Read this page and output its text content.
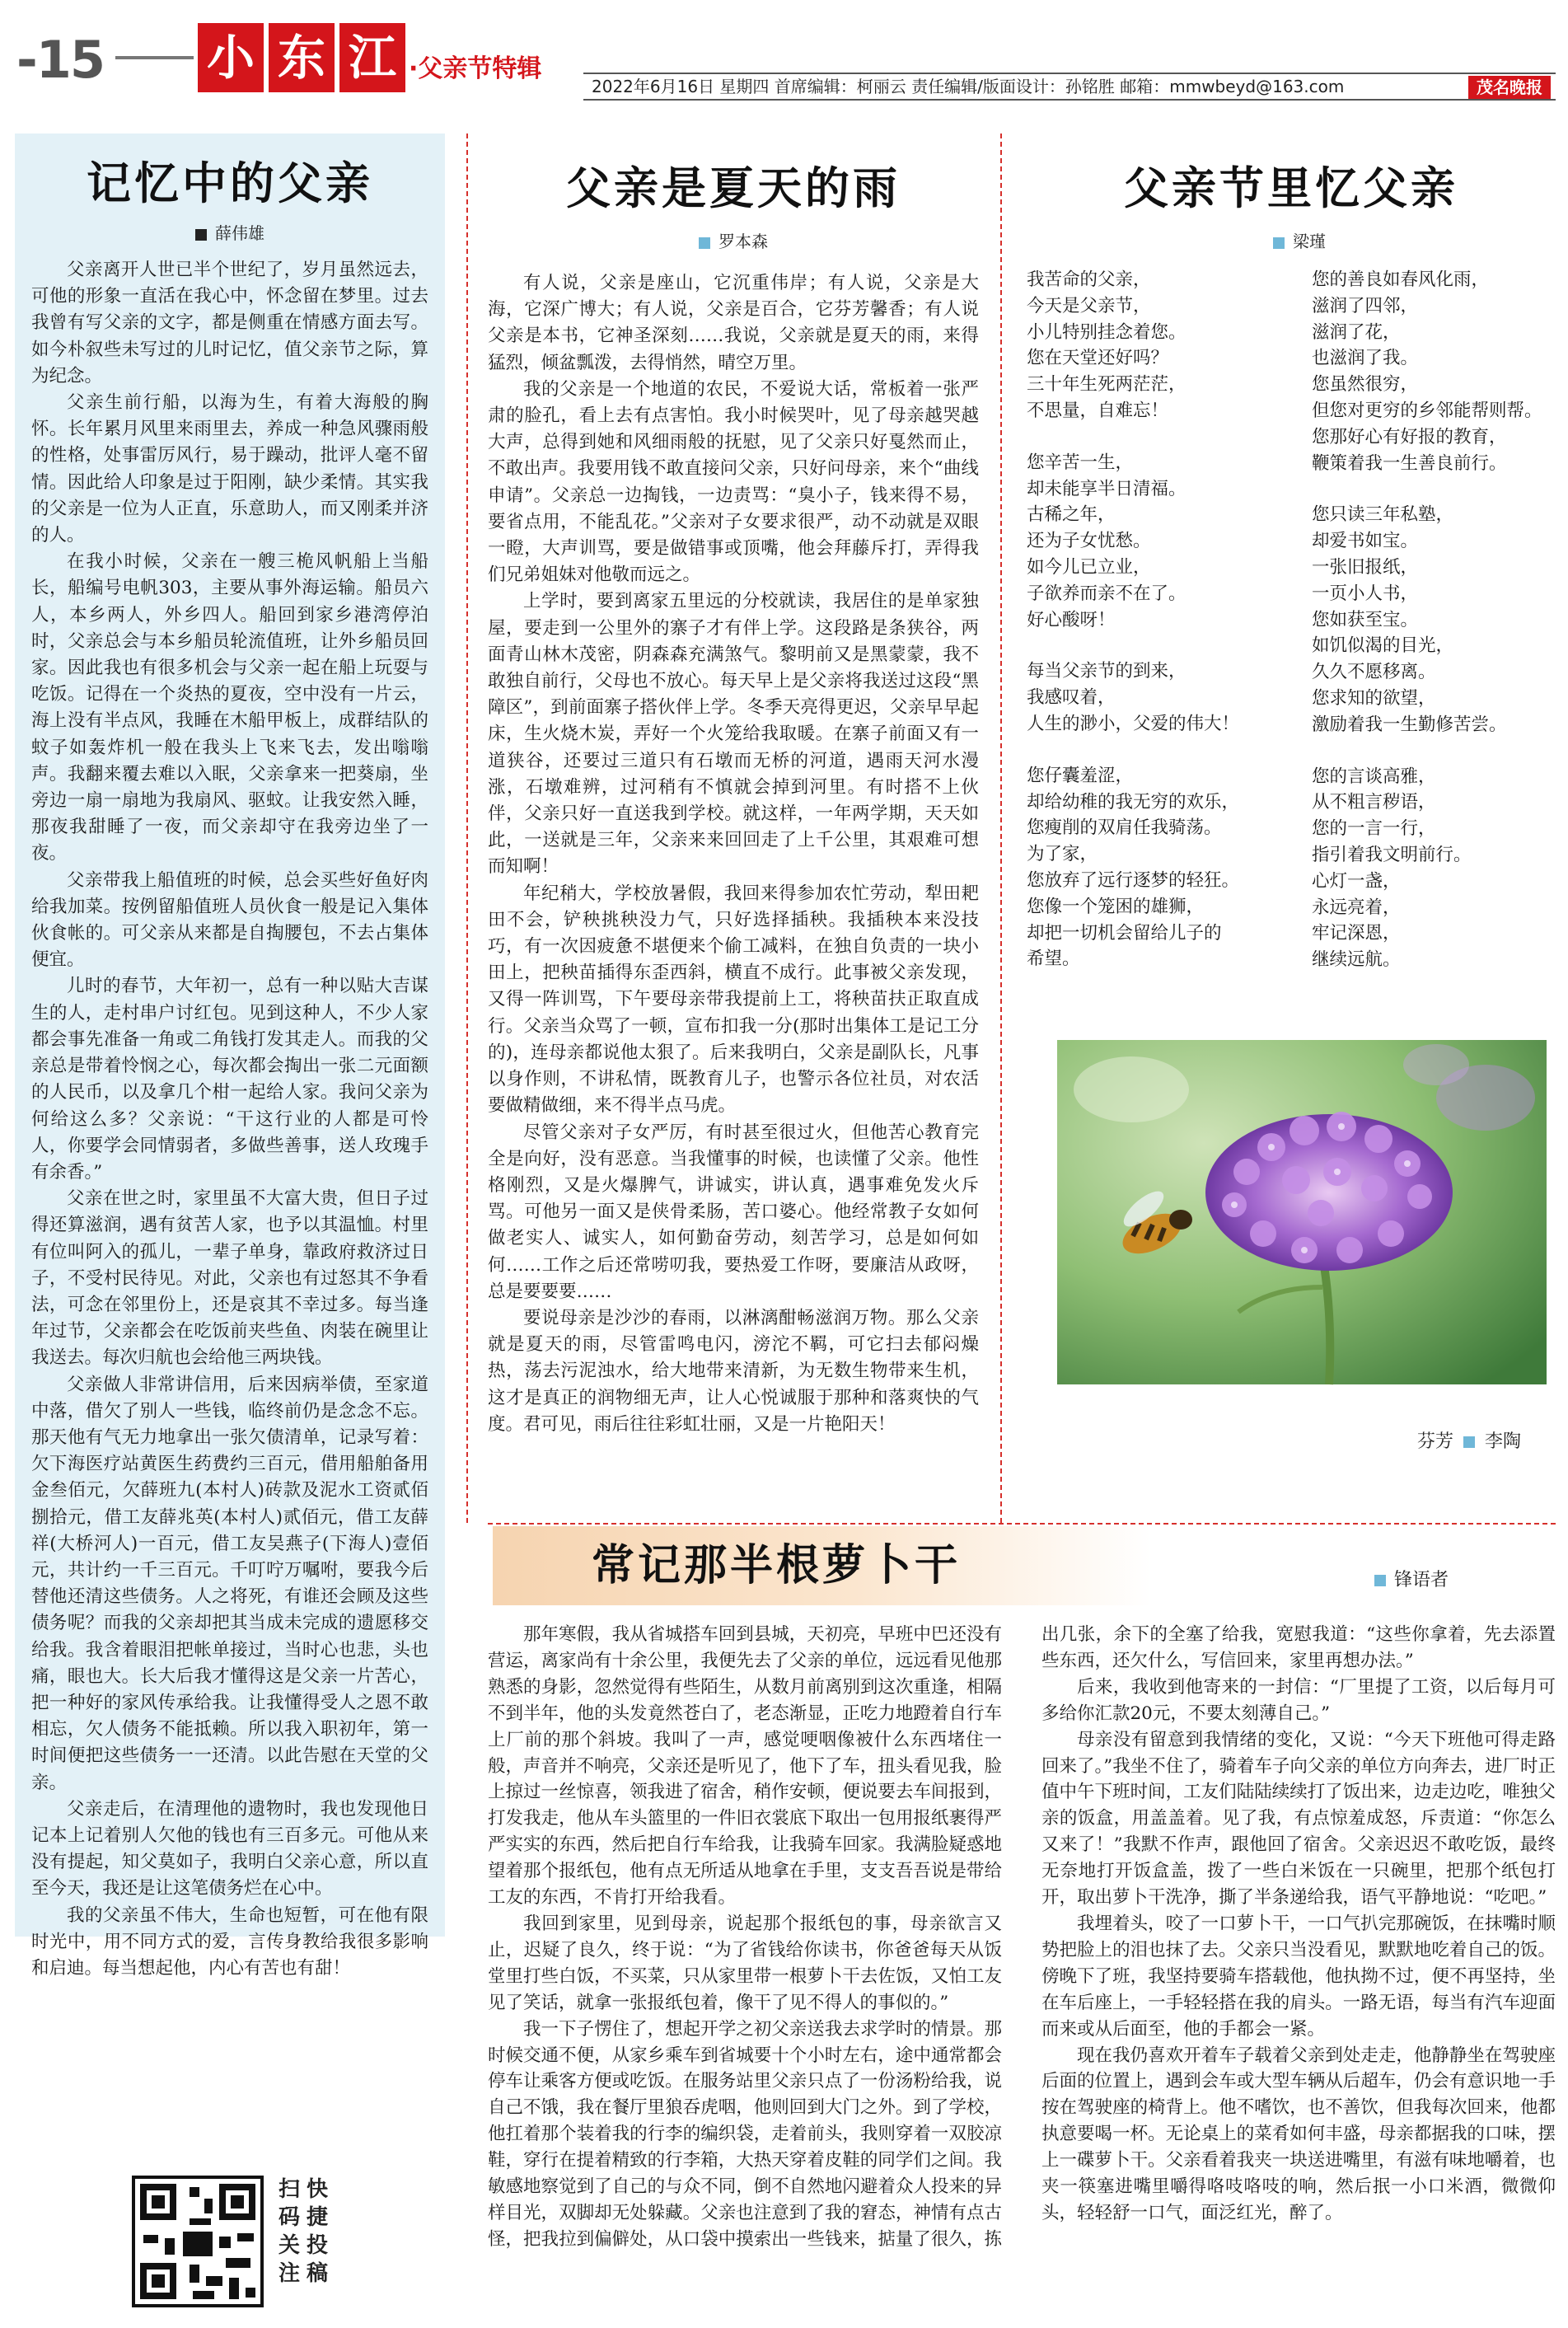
-15 小 东 江 ·父亲节特辑
2022年6月16日 星期四 首席编辑：柯丽云 责任编辑/版面设计：孙铭胜 邮箱：mmwbeyd@163.com	茂名晚报
记忆中的父亲
薛伟雄

父亲离开人世已半个世纪了，岁月虽然远去，可他的形象一直活在我心中，怀念留在梦里。过去我曾有写父亲的文字，都是侧重在情感方面去写。如今朴叙些未写过的儿时记忆，值父亲节之际，算为纪念。

父亲生前行船，以海为生，有着大海般的胸怀。长年累月风里来雨里去，养成一种急风骤雨般的性格，处事雷厉风行，易于躁动，批评人毫不留情。因此给人印象是过于阳刚，缺少柔情。其实我的父亲是一位为人正直，乐意助人，而又刚柔并济的人。

在我小时候，父亲在一艘三桅风帆船上当船长，船编号电帆303，主要从事外海运输。船员六人，本乡两人，外乡四人。船回到家乡港湾停泊时，父亲总会与本乡船员轮流值班，让外乡船员回家。因此我也有很多机会与父亲一起在船上玩耍与吃饭。记得在一个炎热的夏夜，空中没有一片云，海上没有半点风，我睡在木船甲板上，成群结队的蚊子如轰炸机一般在我头上飞来飞去，发出嗡嗡声。我翻来覆去难以入眠，父亲拿来一把葵扇，坐旁边一扇一扇地为我扇风、驱蚊。让我安然入睡，那夜我甜睡了一夜，而父亲却守在我旁边坐了一夜。

父亲带我上船值班的时候，总会买些好鱼好肉给我加菜。按例留船值班人员伙食一般是记入集体伙食帐的。可父亲从来都是自掏腰包，不去占集体便宜。

儿时的春节，大年初一，总有一种以贴大吉谋生的人，走村串户讨红包。见到这种人，不少人家都会事先准备一角或二角钱打发其走人。而我的父亲总是带着怜悯之心，每次都会掏出一张二元面额的人民币，以及拿几个柑一起给人家。我问父亲为何给这么多？父亲说：“干这行业的人都是可怜人，你要学会同情弱者，多做些善事，送人玫瑰手有余香。”

父亲在世之时，家里虽不大富大贵，但日子过得还算滋润，遇有贫苦人家，也予以其温恤。村里有位叫阿入的孤儿，一辈子单身，靠政府救济过日子，不受村民待见。对此，父亲也有过怒其不争看法，可念在邻里份上，还是哀其不幸过多。每当逢年过节，父亲都会在吃饭前夹些鱼、肉装在碗里让我送去。每次归航也会给他三两块钱。

父亲做人非常讲信用，后来因病举债，至家道中落，借欠了别人一些钱，临终前仍是念念不忘。那天他有气无力地拿出一张欠债清单，记录写着：欠下海医疗站黄医生药费约三百元，借用船舶备用金叁佰元，欠薛班九(本村人)砖款及泥水工资贰佰捌拾元，借工友薛兆英(本村人)贰佰元，借工友薛祥(大桥河人)一百元，借工友吴燕子(下海人)壹佰元，共计约一千三百元。千叮咛万嘱咐，要我今后替他还清这些债务。人之将死，有谁还会顾及这些债务呢？而我的父亲却把其当成未完成的遗愿移交给我。我含着眼泪把帐单接过，当时心也悲，头也痛，眼也大。长大后我才懂得这是父亲一片苦心，把一种好的家风传承给我。让我懂得受人之恩不敢相忘，欠人债务不能抵赖。所以我入职初年，第一时间便把这些债务一一还清。以此告慰在天堂的父亲。

父亲走后，在清理他的遗物时，我也发现他日记本上记着别人欠他的钱也有三百多元。可他从来没有提起，知父莫如子，我明白父亲心意，所以直至今天，我还是让这笔债务烂在心中。

我的父亲虽不伟大，生命也短暂，可在他有限时光中，用不同方式的爱，言传身教给我很多影响和启迪。每当想起他，内心有苦也有甜！

父亲是夏天的雨
罗本森

有人说，父亲是座山，它沉重伟岸；有人说，父亲是大海，它深广博大；有人说，父亲是百合，它芬芳馨香；有人说父亲是本书，它神圣深刻……我说，父亲就是夏天的雨，来得猛烈，倾盆瓢泼，去得悄然，晴空万里。

我的父亲是一个地道的农民，不爱说大话，常板着一张严肃的脸孔，看上去有点害怕。我小时候哭叶，见了母亲越哭越大声，总得到她和风细雨般的抚慰，见了父亲只好戛然而止，不敢出声。我要用钱不敢直接问父亲，只好问母亲，来个“曲线申请”。父亲总一边掏钱，一边责骂：“臭小子，钱来得不易，要省点用，不能乱花。”父亲对子女要求很严，动不动就是双眼一瞪，大声训骂，要是做错事或顶嘴，他会拜藤斥打，弄得我们兄弟姐妹对他敬而远之。

上学时，要到离家五里远的分校就读，我居住的是单家独屋，要走到一公里外的寨子才有伴上学。这段路是条狭谷，两面青山林木茂密，阴森森充满煞气。黎明前又是黑蒙蒙，我不敢独自前行，父母也不放心。每天早上是父亲将我送过这段“黑障区”，到前面寨子搭伙伴上学。冬季天亮得更迟，父亲早早起床，生火烧木炭，弄好一个火笼给我取暖。在寨子前面又有一道狭谷，还要过三道只有石墩而无桥的河道，遇雨天河水漫涨，石墩难辨，过河稍有不慎就会掉到河里。有时搭不上伙伴，父亲只好一直送我到学校。就这样，一年两学期，天天如此，一送就是三年，父亲来来回回走了上千公里，其艰难可想而知啊！

年纪稍大，学校放暑假，我回来得参加农忙劳动，犁田耙田不会，铲秧挑秧没力气，只好选择插秧。我插秧本来没技巧，有一次因疲惫不堪便来个偷工减料，在独自负责的一块小田上，把秧苗插得东歪西斜，横直不成行。此事被父亲发现，又得一阵训骂，下午要母亲带我提前上工，将秧苗扶正取直成行。父亲当众骂了一顿，宣布扣我一分(那时出集体工是记工分的)，连母亲都说他太狠了。后来我明白，父亲是副队长，凡事以身作则，不讲私情，既教育儿子，也警示各位社员，对农活要做精做细，来不得半点马虎。

尽管父亲对子女严厉，有时甚至很过火，但他苦心教育完全是向好，没有恶意。当我懂事的时候，也读懂了父亲。他性格刚烈，又是火爆脾气，讲诚实，讲认真，遇事难免发火斥骂。可他另一面又是侠骨柔肠，苦口婆心。他经常教子女如何做老实人、诚实人，如何勤奋劳动，刻苦学习，总是如何如何……工作之后还常唠叨我，要热爱工作呀，要廉洁从政呀，总是要要要……

要说母亲是沙沙的春雨，以淋漓酣畅滋润万物。那么父亲就是夏天的雨，尽管雷鸣电闪，滂沱不羁，可它扫去郁闷燥热，荡去污泥浊水，给大地带来清新，为无数生物带来生机，这才是真正的润物细无声，让人心悦诚服于那种和落爽快的气度。君可见，雨后往往彩虹壮丽，又是一片艳阳天！

父亲节里忆父亲
梁瑾
我苦命的父亲，
今天是父亲节，
小儿特别挂念着您。
您在天堂还好吗？
三十年生死两茫茫，
不思量，自难忘！
您辛苦一生，
却未能享半日清福。
古稀之年，
还为子女忧愁。
如今儿已立业，
子欲养而亲不在了。
好心酸呀！
每当父亲节的到来，
我感叹着，
人生的渺小，父爱的伟大！
您仔囊羞涩，
却给幼稚的我无穷的欢乐，
您瘦削的双肩任我骑荡。
为了家，
您放弃了远行逐梦的轻狂。
您像一个笼困的雄狮，
却把一切机会留给儿子的
希望。
您的善良如春风化雨，
滋润了四邻，
滋润了花，
也滋润了我。
您虽然很穷，
但您对更穷的乡邻能帮则帮。
您那好心有好报的教育，
鞭策着我一生善良前行。
您只读三年私塾，
却爱书如宝。
一张旧报纸，
一页小人书，
您如获至宝。
如饥似渴的目光，
久久不愿移离。
您求知的欲望，
激励着我一生勤修苦尝。
您的言谈高雅，
从不粗言秽语，
您的一言一行，
指引着我文明前行。
心灯一盏，
永远亮着，
牢记深恩，
继续远航。
芬芳 李陶
常记那半根萝卜干	锋语者

那年寒假，我从省城搭车回到县城，天初亮，早班中巴还没有营运，离家尚有十余公里，我便先去了父亲的单位，远远看见他那熟悉的身影，忽然觉得有些陌生，从数月前离别到这次重逢，相隔不到半年，他的头发竟然苍白了，老态渐显，正吃力地蹬着自行车上厂前的那个斜坡。我叫了一声，感觉哽咽像被什么东西堵住一般，声音并不响亮，父亲还是听见了，他下了车，扭头看见我，脸上掠过一丝惊喜，领我进了宿舍，稍作安顿，便说要去车间报到，打发我走，他从车头篮里的一件旧衣裳底下取出一包用报纸裹得严严实实的东西，然后把自行车给我，让我骑车回家。我满脸疑惑地望着那个报纸包，他有点无所适从地拿在手里，支支吾吾说是带给工友的东西，不肯打开给我看。

我回到家里，见到母亲，说起那个报纸包的事，母亲欲言又止，迟疑了良久，终于说：“为了省钱给你读书，你爸爸每天从饭堂里打些白饭，不买菜，只从家里带一根萝卜干去佐饭，又怕工友见了笑话，就拿一张报纸包着，像干了见不得人的事似的。”

我一下子愣住了，想起开学之初父亲送我去求学时的情景。那时候交通不便，从家乡乘车到省城要十个小时左右，途中通常都会停车让乘客方便或吃饭。在服务站里父亲只点了一份汤粉给我，说自己不饿，我在餐厅里狼吞虎咽，他则回到大门之外。到了学校，他扛着那个装着我的行李的编织袋，走着前头，我则穿着一双胶凉鞋，穿行在提着精致的行李箱，大热天穿着皮鞋的同学们之间。我敏感地察觉到了自己的与众不同，倒不自然地闪避着众人投来的异样目光，双脚却无处躲藏。父亲也注意到了我的窘态，神情有点古怪，把我拉到偏僻处，从口袋中摸索出一些钱来，掂量了很久，拣出几张，余下的全塞了给我，宽慰我道：“这些你拿着，先去添置些东西，还欠什么，写信回来，家里再想办法。”

后来，我收到他寄来的一封信：“厂里提了工资，以后每月可多给你汇款20元，不要太刻薄自己。”

母亲没有留意到我情绪的变化，又说：“今天下班他可得走路回来了。”我坐不住了，骑着车子向父亲的单位方向奔去，进厂时正值中午下班时间，工友们陆陆续续打了饭出来，边走边吃，唯独父亲的饭盒，用盖盖着。见了我，有点惊羞成怒，斥责道：“你怎么又来了！”我默不作声，跟他回了宿舍。父亲迟迟不敢吃饭，最终无奈地打开饭盒盖，拨了一些白米饭在一只碗里，把那个纸包打开，取出萝卜干洗净，撕了半条递给我，语气平静地说：“吃吧。”

我埋着头，咬了一口萝卜干，一口气扒完那碗饭，在抹嘴时顺势把脸上的泪也抹了去。父亲只当没看见，默默地吃着自己的饭。傍晚下了班，我坚持要骑车搭载他，他执拗不过，便不再坚持，坐在车后座上，一手轻轻搭在我的肩头。一路无语，每当有汽车迎面而来或从后面至，他的手都会一紧。

现在我仍喜欢开着车子载着父亲到处走走，他静静坐在驾驶座后面的位置上，遇到会车或大型车辆从后超车，仍会有意识地一手按在驾驶座的椅背上。他不嗜饮，也不善饮，但我每次回来，他都执意要喝一杯。无论桌上的菜肴如何丰盛，母亲都据我的口味，摆上一碟萝卜干。父亲看着我夹一块送进嘴里，有滋有味地嚼着，也夹一筷塞进嘴里嚼得咯吱咯吱的响，然后抿一小口米酒，微微仰头，轻轻舒一口气，面泛红光，醉了。

扫码关注
快捷投稿
